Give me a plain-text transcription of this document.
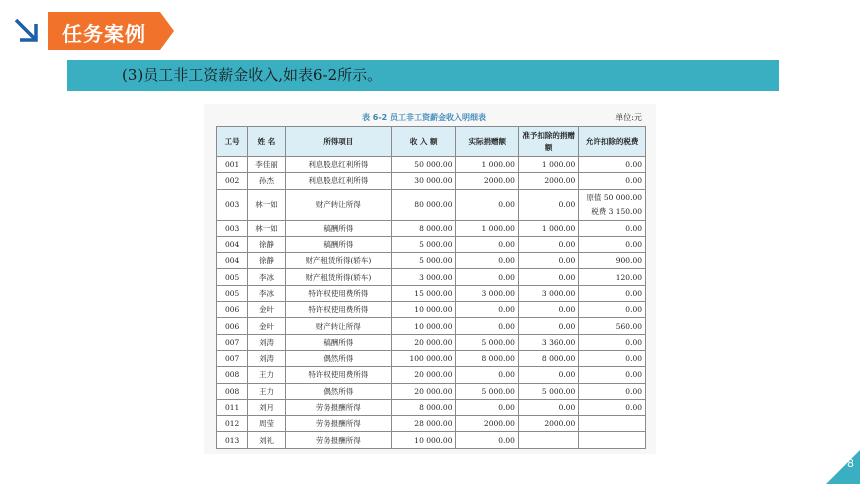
任务案例
(3)员工非工资薪金收入,如表6-2所示。
表 6-2 员工非工资薪金收入明细表	单位:元
工号	姓 名	所得项目	收 入 额	实际捐赠额	准予扣除的捐赠额	允许扣除的税费
001	李佳丽	利息股息红利所得	50 000.00	1 000.00	1 000.00	0.00
002	孙杰	利息股息红利所得	30 000.00	2000.00	2000.00	0.00
003	林一如	财产转让所得	80 000.00	0.00	0.00	原值 50 000.00
税费 3 150.00

003	林一如	稿酬所得	8 000.00	1 000.00	1 000.00	0.00
004	徐静	稿酬所得	5 000.00	0.00	0.00	0.00
004	徐静	财产租赁所得(轿车)	5 000.00	0.00	0.00	900.00
005	李冰	财产租赁所得(轿车)	3 000.00	0.00	0.00	120.00
005	李冰	特许权使用费所得	15 000.00	3 000.00	3 000.00	0.00
006	金叶	特许权使用费所得	10 000.00	0.00	0.00	0.00
006	金叶	财产转让所得	10 000.00	0.00	0.00	560.00
007	刘涛	稿酬所得	20 000.00	5 000.00	3 360.00	0.00
007	刘涛	偶然所得	100 000.00	8 000.00	8 000.00	0.00
008	王力	特许权使用费所得	20 000.00	0.00	0.00	0.00
008	王力	偶然所得	20 000.00	5 000.00	5 000.00	0.00
011	刘月	劳务报酬所得	8 000.00	0.00	0.00	0.00
012	周莹	劳务报酬所得	28 000.00	2000.00	2000.00	
013	刘礼	劳务报酬所得	10 000.00	0.00		
8
